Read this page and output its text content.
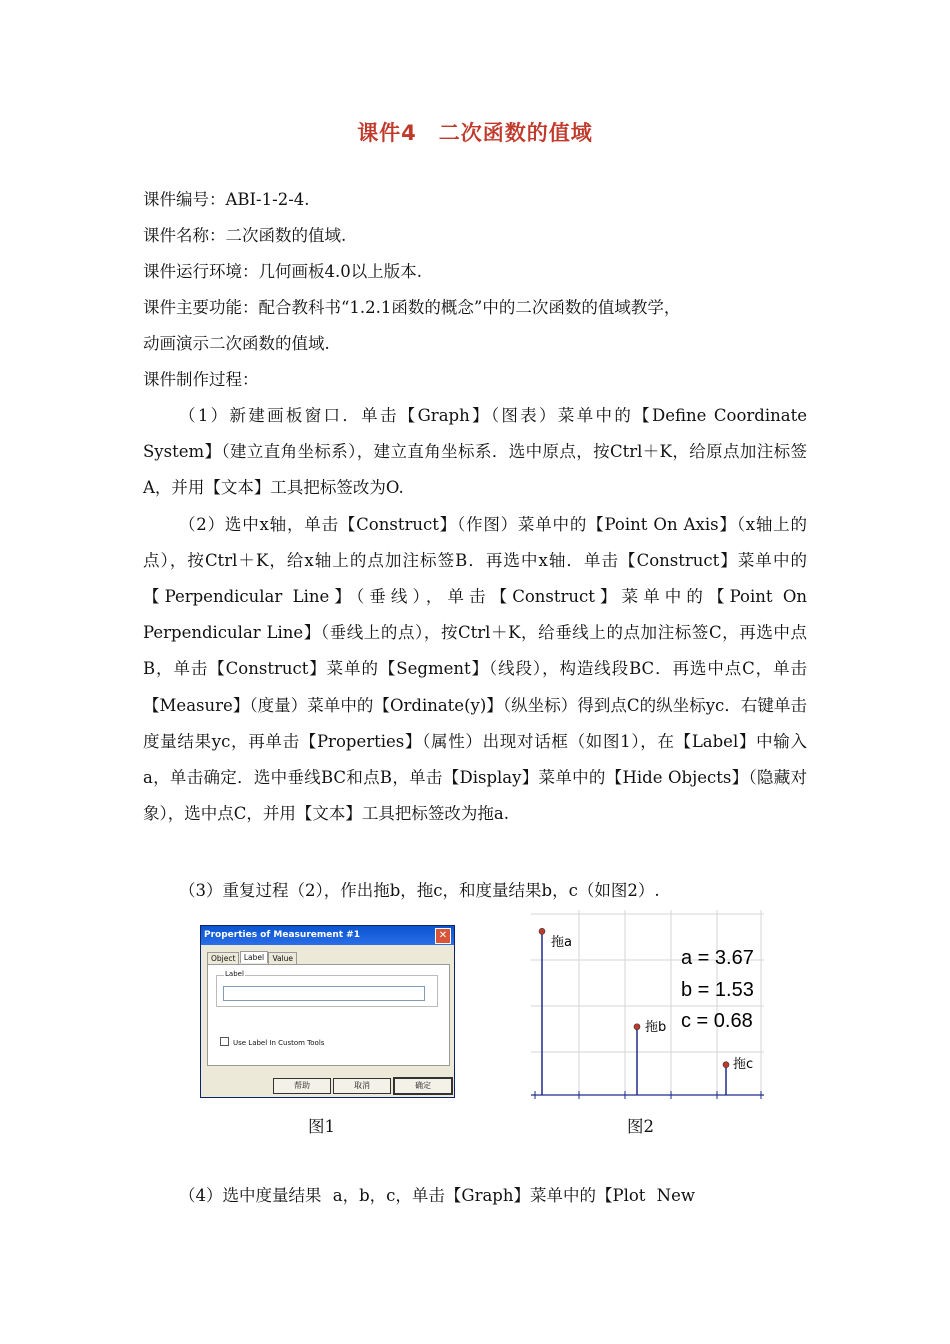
课件4　二次函数的值域
课件编号：ABⅠ-1-2-4.
课件名称：二次函数的值域.
课件运行环境：几何画板4.0以上版本.
课件主要功能：配合教科书“1.2.1函数的概念”中的二次函数的值域教学，
动画演示二次函数的值域.
课件制作过程：

（1）新建画板窗口．单击【Graph】（图表）菜单中的【Define Coordinate System】（建立直角坐标系），建立直角坐标系．选中原点，按Ctrl＋K，给原点加注标签A，并用【文本】工具把标签改为O.

（2）选中x轴，单击【Construct】（作图）菜单中的【Point On Axis】（x轴上的点），按Ctrl＋K，给x轴上的点加注标签B．再选中x轴．单击【Construct】菜单中的【Perpendicular Line】（垂线），单击【Construct】菜单中的【Point On Perpendicular Line】（垂线上的点），按Ctrl＋K，给垂线上的点加注标签C，再选中点B，单击【Construct】菜单的【Segment】（线段），构造线段BC．再选中点C，单击【Measure】（度量）菜单中的【Ordinate(y)】（纵坐标）得到点C的纵坐标yc．右键单击度量结果yc，再单击【Properties】（属性）出现对话框（如图1），在【Label】中输入a，单击确定．选中垂线BC和点B，单击【Display】菜单中的【Hide Objects】（隐藏对象），选中点C，并用【文本】工具把标签改为拖a.

（3）重复过程（2），作出拖b，拖c，和度量结果b，c（如图2）.
Properties of Measurement #1	✕
Object Label Value
Label
Use Label In Custom Tools
帮助	取消	确定
图1
拖a
拖b
拖c
a = 3.67
b = 1.53
c = 0.68
图2
（4）选中度量结果 a，b，c，单击【Graph】菜单中的【Plot New
